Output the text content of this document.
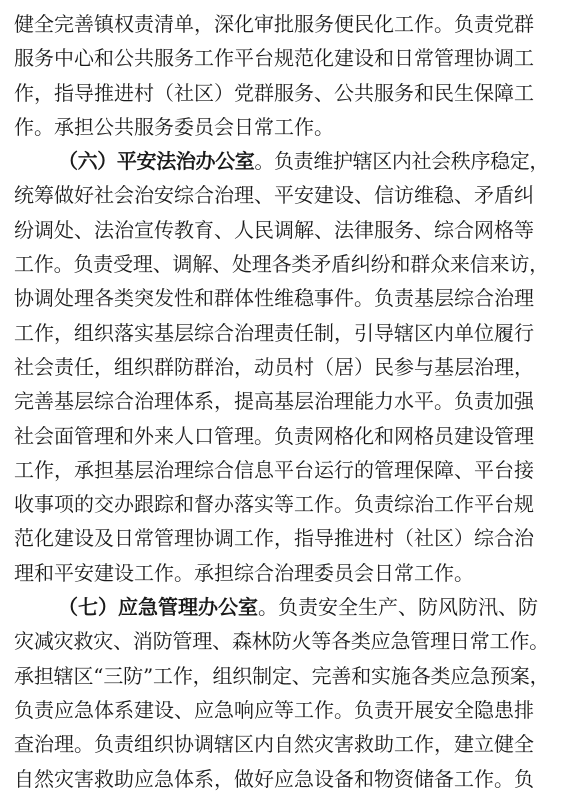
健全完善镇权责清单，深化审批服务便民化工作。负责党群
服务中心和公共服务工作平台规范化建设和日常管理协调工
作，指导推进村（社区）党群服务、公共服务和民生保障工
作。承担公共服务委员会日常工作。
（六）平安法治办公室。负责维护辖区内社会秩序稳定，
统筹做好社会治安综合治理、平安建设、信访维稳、矛盾纠
纷调处、法治宣传教育、人民调解、法律服务、综合网格等
工作。负责受理、调解、处理各类矛盾纠纷和群众来信来访，
协调处理各类突发性和群体性维稳事件。负责基层综合治理
工作，组织落实基层综合治理责任制，引导辖区内单位履行
社会责任，组织群防群治，动员村（居）民参与基层治理，
完善基层综合治理体系，提高基层治理能力水平。负责加强
社会面管理和外来人口管理。负责网格化和网格员建设管理
工作，承担基层治理综合信息平台运行的管理保障、平台接
收事项的交办跟踪和督办落实等工作。负责综治工作平台规
范化建设及日常管理协调工作，指导推进村（社区）综合治
理和平安建设工作。承担综合治理委员会日常工作。
（七）应急管理办公室。负责安全生产、防风防汛、防
灾减灾救灾、消防管理、森林防火等各类应急管理日常工作。
承担辖区“三防”工作，组织制定、完善和实施各类应急预案，
负责应急体系建设、应急响应等工作。负责开展安全隐患排
查治理。负责组织协调辖区内自然灾害救助工作，建立健全
自然灾害救助应急体系，做好应急设备和物资储备工作。负
